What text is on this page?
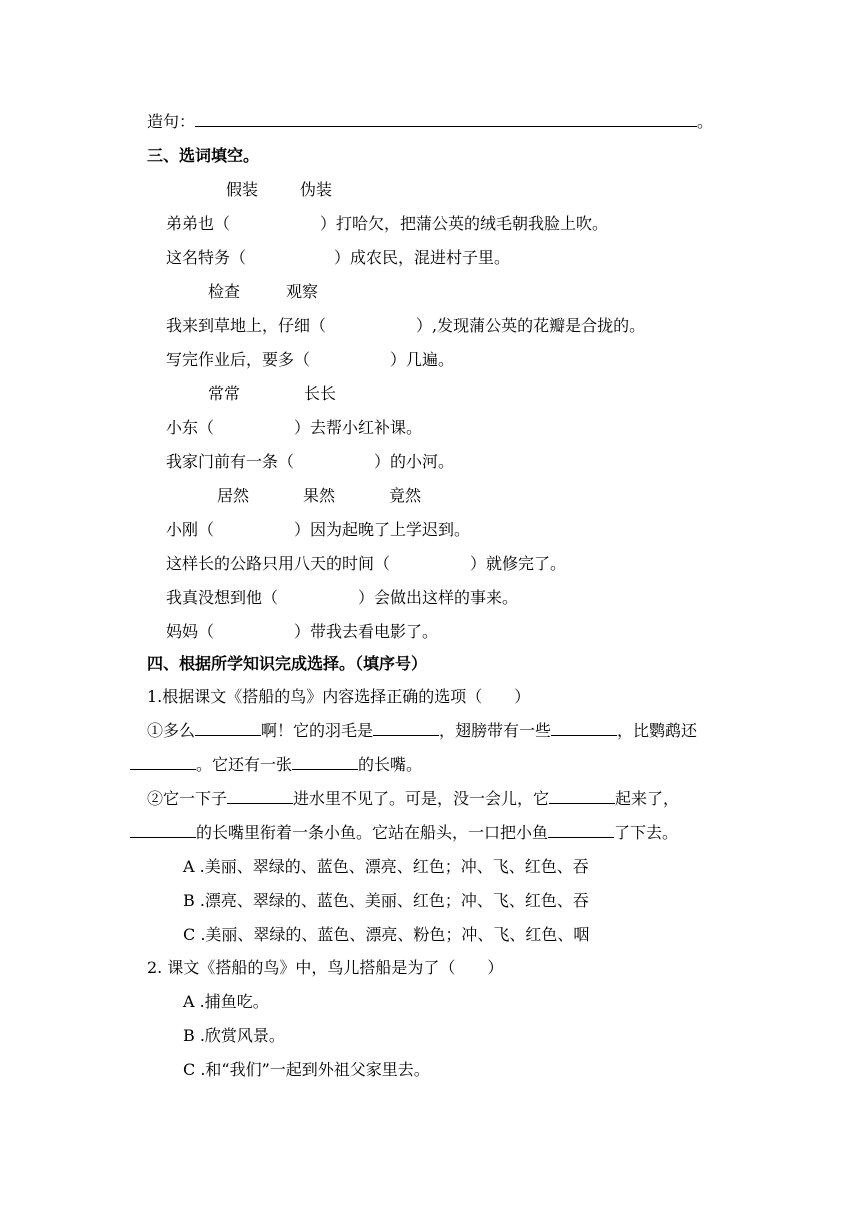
造句：	。
三、选词填空。
假装	伪装
弟弟也（	）打哈欠，把蒲公英的绒毛朝我脸上吹。
这名特务（	）成农民，混进村子里。
检查	观察
我来到草地上，仔细（	）,发现蒲公英的花瓣是合拢的。
写完作业后，要多（	）几遍。
常常	长长
小东（	）去帮小红补课。
我家门前有一条（	）的小河。
居然	果然	竟然
小刚（	）因为起晚了上学迟到。
这样长的公路只用八天的时间（	）就修完了。
我真没想到他（	）会做出这样的事来。
妈妈（	）带我去看电影了。
四、根据所学知识完成选择。（填序号）
1.根据课文《搭船的鸟》内容选择正确的选项（　　）
①多么	啊！它的羽毛是	，翅膀带有一些	，比鹦鹉还
。它还有一张	的长嘴。
②它一下子	进水里不见了。可是，没一会儿，它	起来了，
的长嘴里衔着一条小鱼。它站在船头，一口把小鱼	了下去。
A .美丽、翠绿的、蓝色、漂亮、红色；冲、飞、红色、吞
B .漂亮、翠绿的、蓝色、美丽、红色；冲、飞、红色、吞
C .美丽、翠绿的、蓝色、漂亮、粉色；冲、飞、红色、咽
2. 课文《搭船的鸟》中，鸟儿搭船是为了（　　）
A .捕鱼吃。
B .欣赏风景。
C .和“我们”一起到外祖父家里去。
